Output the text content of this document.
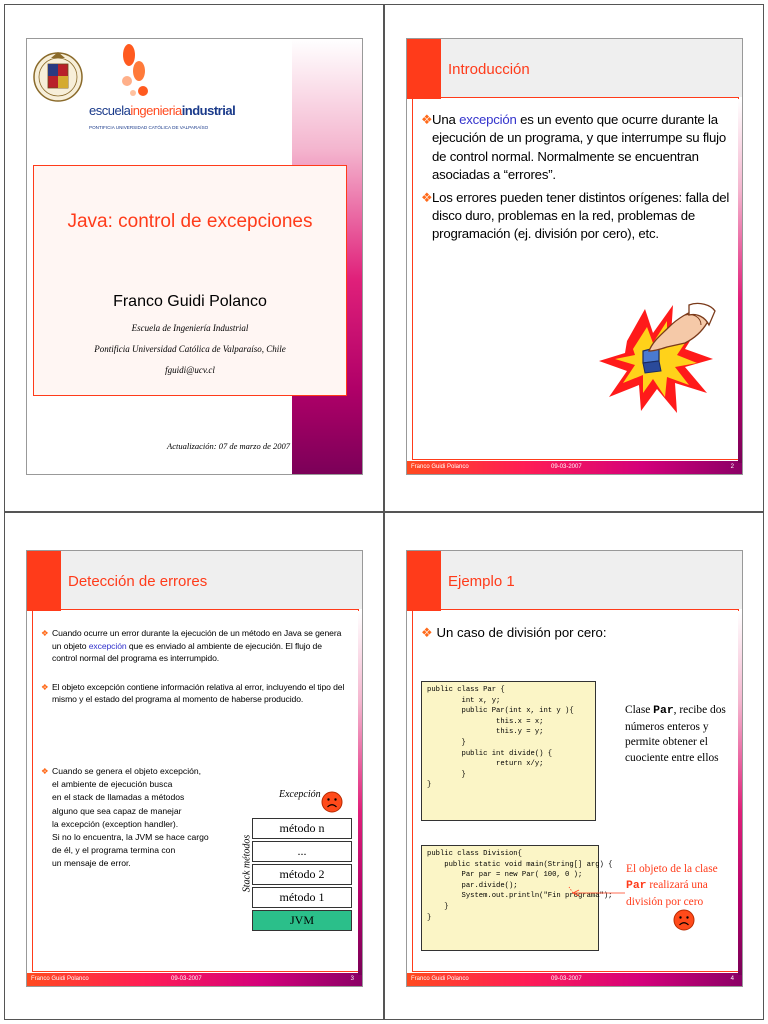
escuelaingenieriaindustrial
PONTIFICIA UNIVERSIDAD CATÓLICA DE VALPARAÍSO
Java: control de excepciones
Franco Guidi Polanco
Escuela de Ingeniería Industrial
Pontificia Universidad Católica de Valparaíso, Chile
fguidi@ucv.cl
Actualización: 07 de marzo de 2007
Introducción
❖ Una excepción es un evento que ocurre durante la ejecución de un programa, y que interrumpe su flujo de control normal. Normalmente se encuentran asociadas a “errores”.
❖ Los errores pueden tener distintos orígenes: falla del disco duro, problemas en la red, problemas de programación (ej. división por cero), etc.
Franco Guidi Polanco	09-03-2007	2
Detección de errores
❖ Cuando ocurre un error durante la ejecución de un método en Java se genera un objeto excepción que es enviado al ambiente de ejecución. El flujo de control normal del programa es interrumpido.
❖ El objeto excepción contiene información relativa al error, incluyendo el tipo del mismo y el estado del programa al momento de haberse producido.
❖ Cuando se genera el objeto excepción,
el ambiente de ejecución busca
en el stack de llamadas a métodos
alguno que sea capaz de manejar
la excepción (exception handler).
Si no lo encuentra, la JVM se hace cargo
de él, y el programa termina con
un mensaje de error.
Excepción
Stack métodos
método n
...
método 2
método 1
JVM
Franco Guidi Polanco	09-03-2007	3
Ejemplo 1
❖ Un caso de división por cero:
public class Par {
int x, y;
public Par(int x, int y ){
this.x = x;
this.y = y;
}
public int divide() {
return x/y;
}
}
Clase Par, recibe dos números enteros y permite obtener el cuociente entre ellos
public class Division{
public static void main(String[] arg) {
Par par = new Par( 100, 0 );
par.divide();
System.out.println("Fin programa");
}
}
El objeto de la clase Par realizará una división por cero
Franco Guidi Polanco	09-03-2007	4
